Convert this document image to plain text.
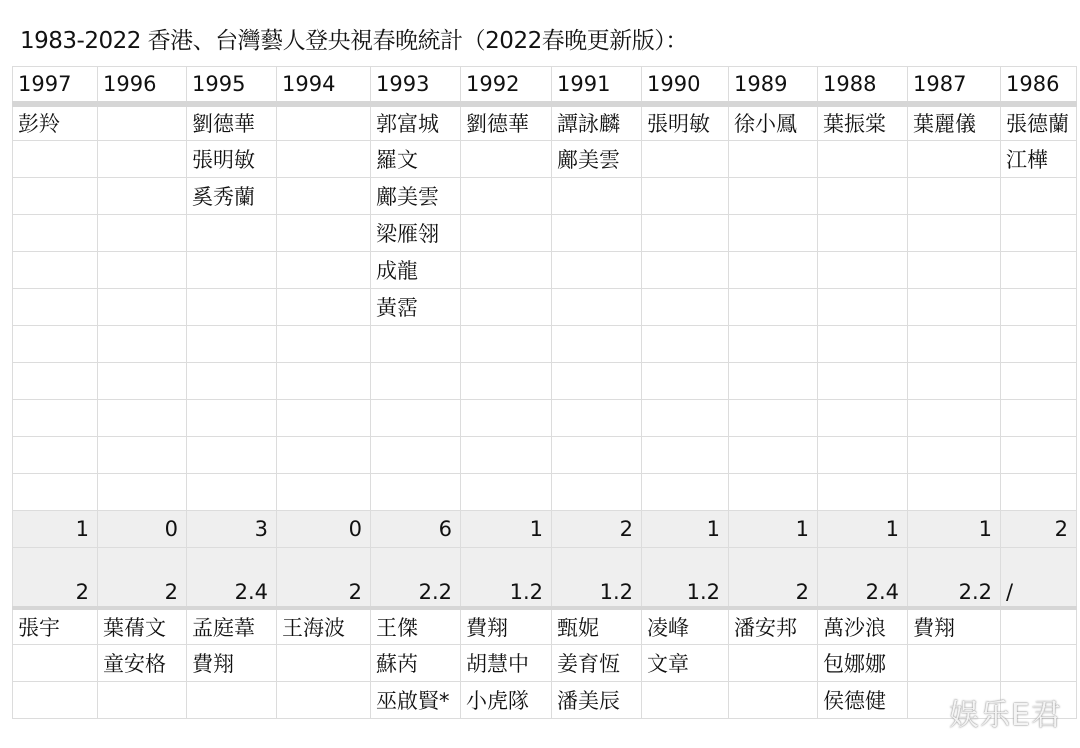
1983-2022 香港、台灣藝人登央視春晚統計（2022春晚更新版）：
1997	1996	1995	1994	1993	1992	1991	1990	1989	1988	1987	1986
彭羚		劉德華		郭富城	劉德華	譚詠麟	張明敏	徐小鳳	葉振棠	葉麗儀	張德蘭
		張明敏		羅文		鄺美雲					江樺
		奚秀蘭		鄺美雲							
				梁雁翎							
				成龍							
				黃霑							

1	0	3	0	6	1	2	1	1	1	1	2
2	2	2.4	2	2.2	1.2	1.2	1.2	2	2.4	2.2	/
張宇	葉蒨文	孟庭葦	王海波	王傑	費翔	甄妮	凌峰	潘安邦	萬沙浪	費翔	
	童安格	費翔		蘇芮	胡慧中	姜育恆	文章		包娜娜		
				巫啟賢*	小虎隊	潘美辰			侯德健		娱乐E君
